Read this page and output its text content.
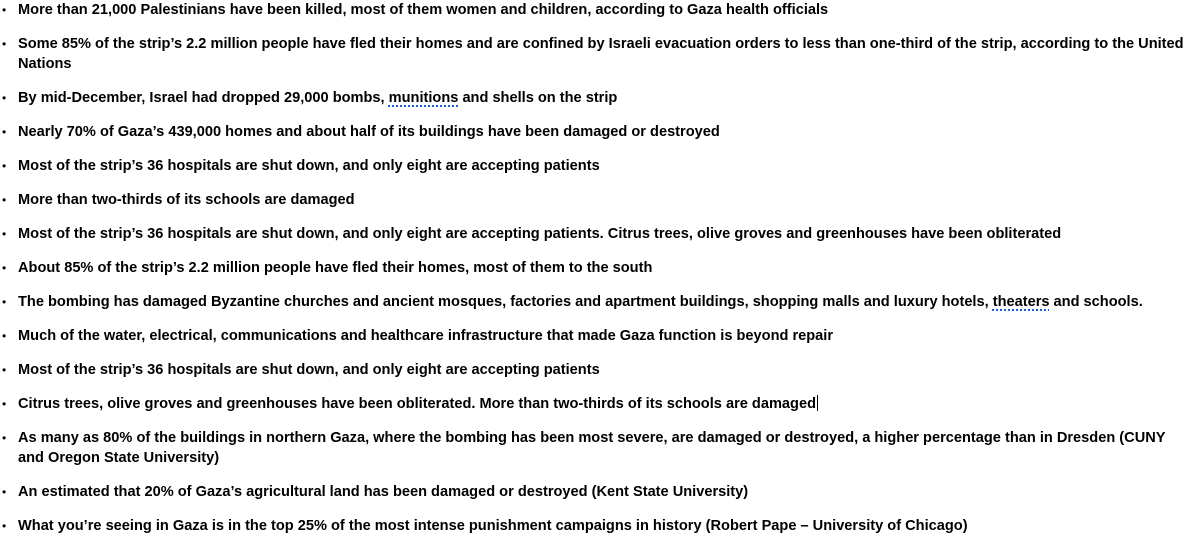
• More than 21,000 Palestinians have been killed, most of them women and children, according to Gaza health officials
• Some 85% of the strip’s 2.2 million people have fled their homes and are confined by Israeli evacuation orders to less than one-third of the strip, according to the United Nations
• By mid-December, Israel had dropped 29,000 bombs, munitions and shells on the strip
• Nearly 70% of Gaza’s 439,000 homes and about half of its buildings have been damaged or destroyed
• Most of the strip’s 36 hospitals are shut down, and only eight are accepting patients
• More than two-thirds of its schools are damaged
• Most of the strip’s 36 hospitals are shut down, and only eight are accepting patients. Citrus trees, olive groves and greenhouses have been obliterated
• About 85% of the strip’s 2.2 million people have fled their homes, most of them to the south
• The bombing has damaged Byzantine churches and ancient mosques, factories and apartment buildings, shopping malls and luxury hotels, theaters and schools.
• Much of the water, electrical, communications and healthcare infrastructure that made Gaza function is beyond repair
• Most of the strip’s 36 hospitals are shut down, and only eight are accepting patients
• Citrus trees, olive groves and greenhouses have been obliterated. More than two-thirds of its schools are damaged
• As many as 80% of the buildings in northern Gaza, where the bombing has been most severe, are damaged or destroyed, a higher percentage than in Dresden (CUNY and Oregon State University)
• An estimated that 20% of Gaza’s agricultural land has been damaged or destroyed (Kent State University)
• What you’re seeing in Gaza is in the top 25% of the most intense punishment campaigns in history (Robert Pape – University of Chicago)
